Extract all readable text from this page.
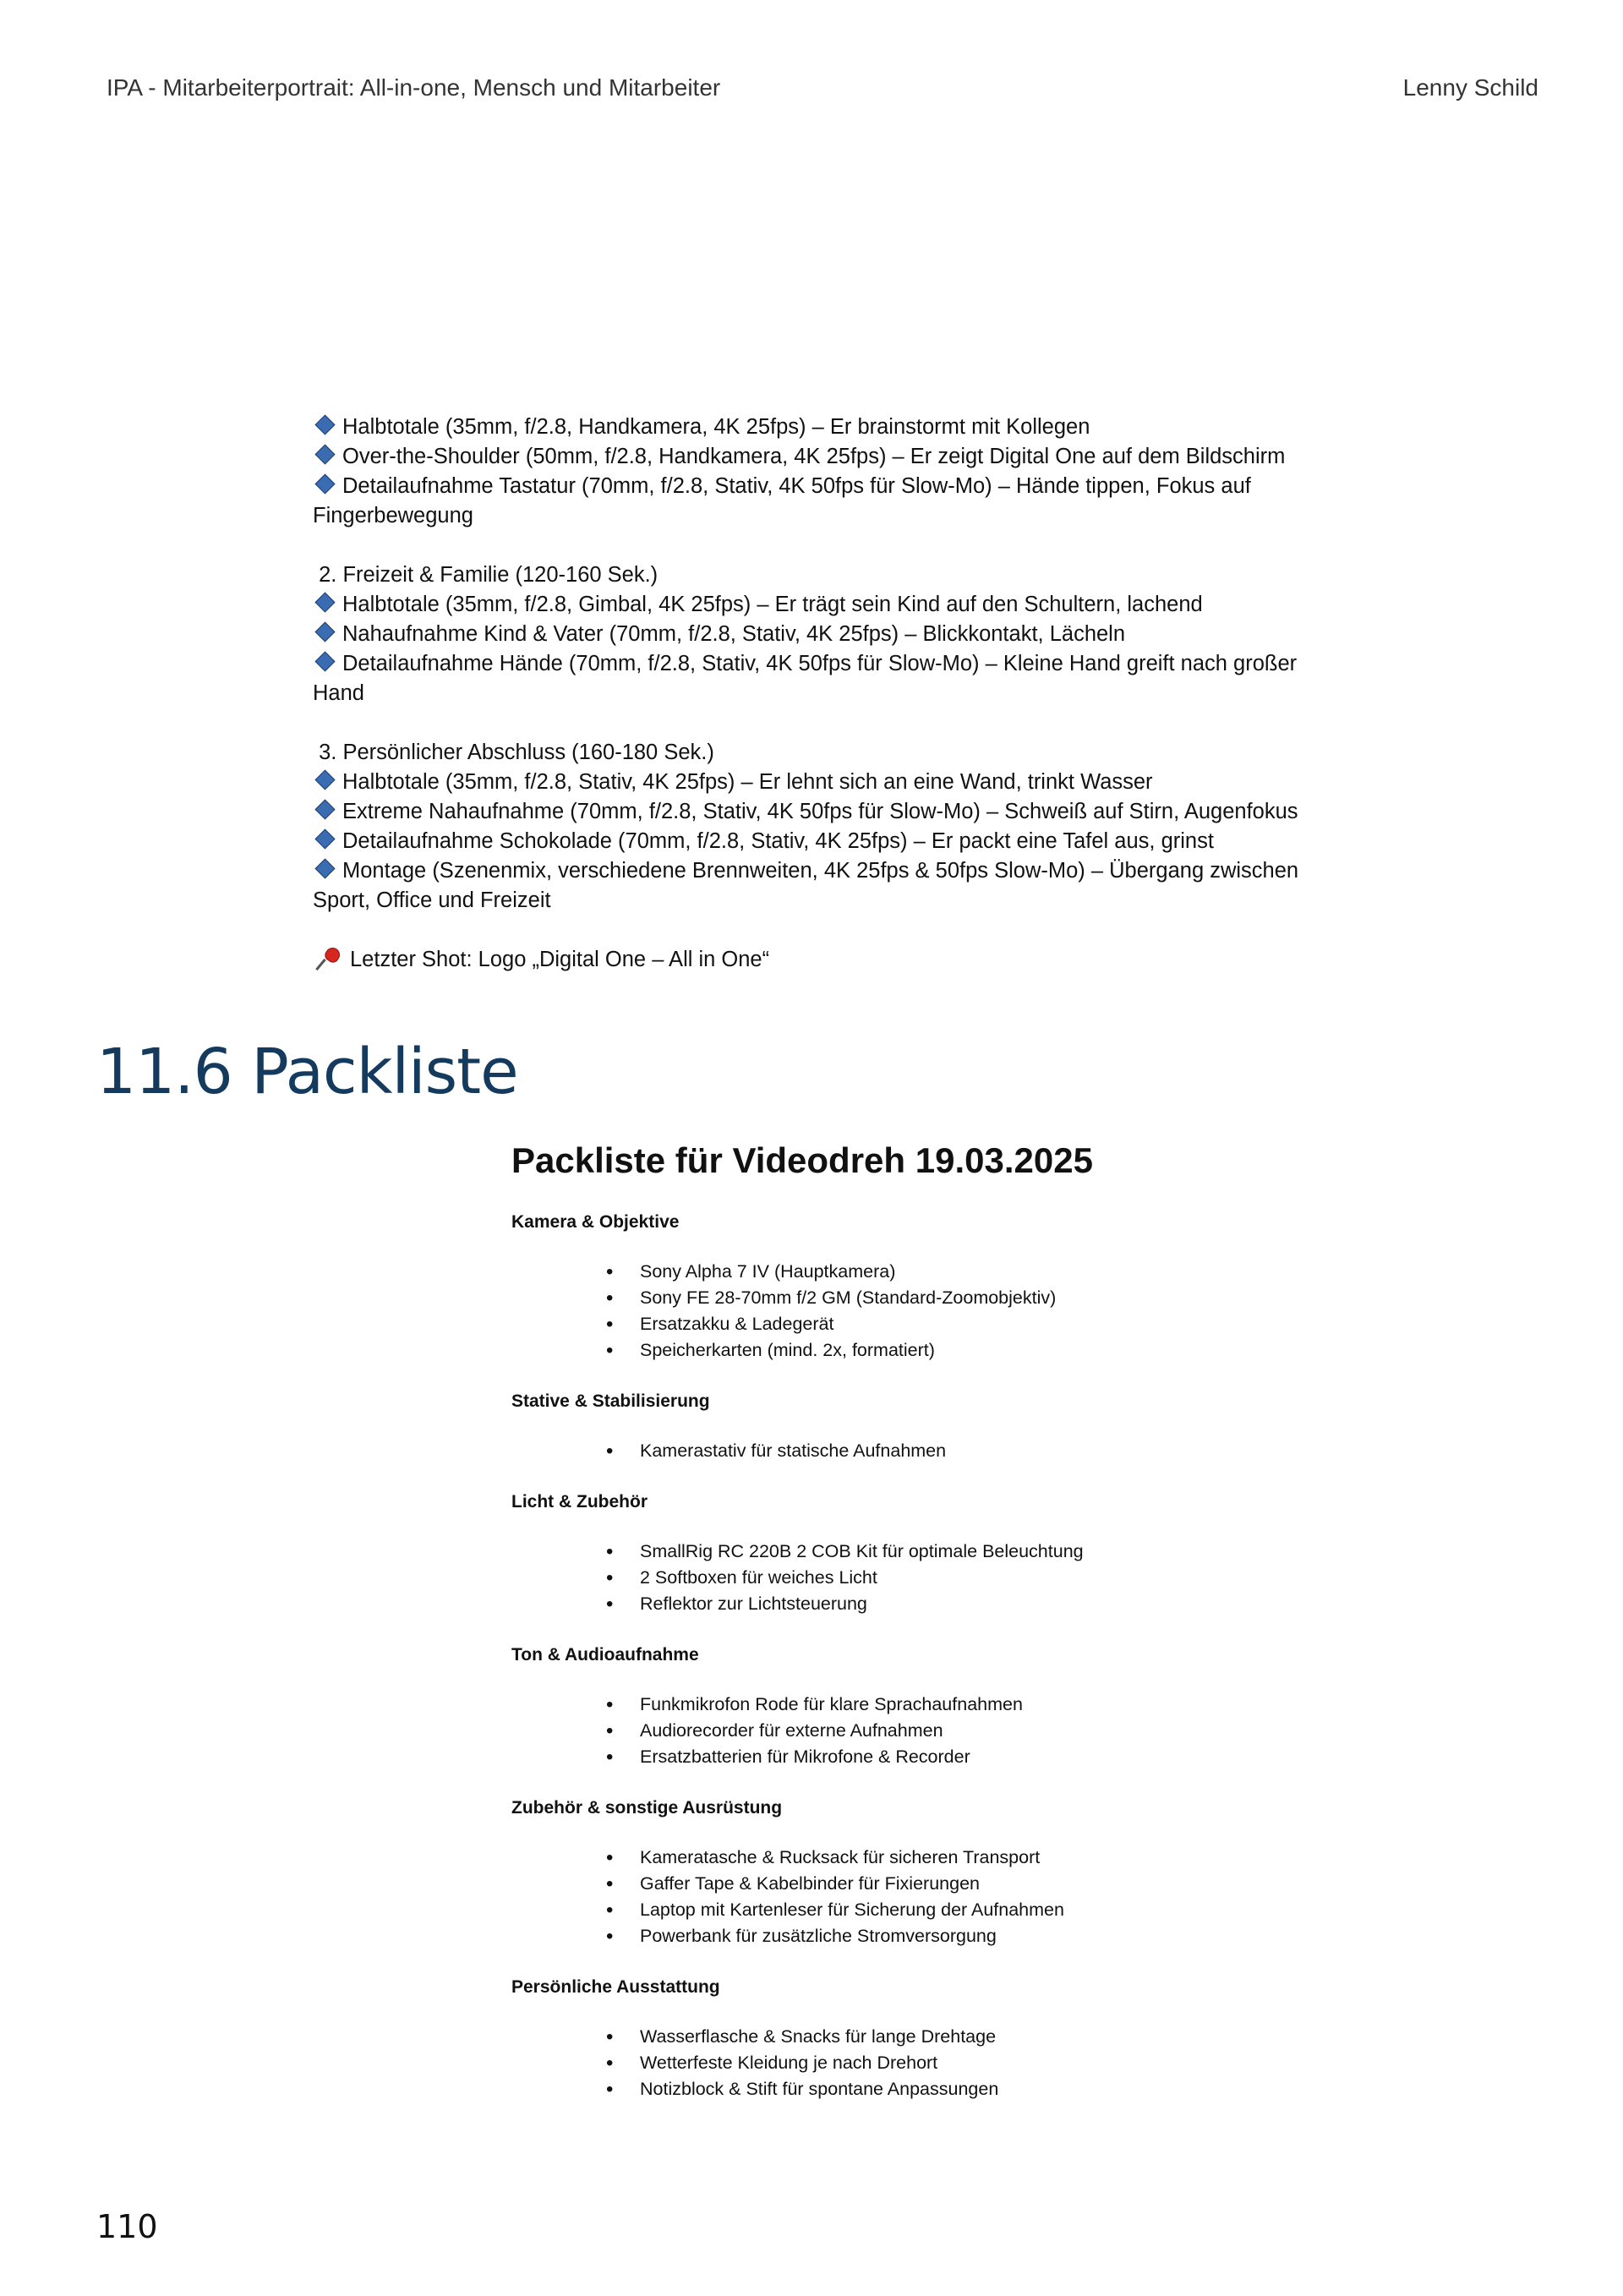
IPA - Mitarbeiterportrait: All-in-one, Mensch und Mitarbeiter	Lenny Schild

Halbtotale (35mm, f/2.8, Handkamera, 4K 25fps) – Er brainstormt mit Kollegen

Over-the-Shoulder (50mm, f/2.8, Handkamera, 4K 25fps) – Er zeigt Digital One auf dem Bildschirm

Detailaufnahme Tastatur (70mm, f/2.8, Stativ, 4K 50fps für Slow-Mo) – Hände tippen, Fokus auf Fingerbewegung

2. Freizeit & Familie (120-160 Sek.)

Halbtotale (35mm, f/2.8, Gimbal, 4K 25fps) – Er trägt sein Kind auf den Schultern, lachend

Nahaufnahme Kind & Vater (70mm, f/2.8, Stativ, 4K 25fps) – Blickkontakt, Lächeln

Detailaufnahme Hände (70mm, f/2.8, Stativ, 4K 50fps für Slow-Mo) – Kleine Hand greift nach großer Hand

3. Persönlicher Abschluss (160-180 Sek.)

Halbtotale (35mm, f/2.8, Stativ, 4K 25fps) – Er lehnt sich an eine Wand, trinkt Wasser

Extreme Nahaufnahme (70mm, f/2.8, Stativ, 4K 50fps für Slow-Mo) – Schweiß auf Stirn, Augenfokus

Detailaufnahme Schokolade (70mm, f/2.8, Stativ, 4K 25fps) – Er packt eine Tafel aus, grinst

Montage (Szenenmix, verschiedene Brennweiten, 4K 25fps & 50fps Slow-Mo) – Übergang zwischen Sport, Office und Freizeit

Letzter Shot: Logo „Digital One – All in One“

11.6 Packliste
Packliste für Videodreh 19.03.2025

Kamera & Objektive

• Sony Alpha 7 IV (Hauptkamera)
• Sony FE 28-70mm f/2 GM (Standard-Zoomobjektiv)
• Ersatzakku & Ladegerät
• Speicherkarten (mind. 2x, formatiert)

Stative & Stabilisierung

• Kamerastativ für statische Aufnahmen

Licht & Zubehör

• SmallRig RC 220B 2 COB Kit für optimale Beleuchtung
• 2 Softboxen für weiches Licht
• Reflektor zur Lichtsteuerung

Ton & Audioaufnahme

• Funkmikrofon Rode für klare Sprachaufnahmen
• Audiorecorder für externe Aufnahmen
• Ersatzbatterien für Mikrofone & Recorder

Zubehör & sonstige Ausrüstung

• Kameratasche & Rucksack für sicheren Transport
• Gaffer Tape & Kabelbinder für Fixierungen
• Laptop mit Kartenleser für Sicherung der Aufnahmen
• Powerbank für zusätzliche Stromversorgung

Persönliche Ausstattung

• Wasserflasche & Snacks für lange Drehtage
• Wetterfeste Kleidung je nach Drehort
• Notizblock & Stift für spontane Anpassungen
110
